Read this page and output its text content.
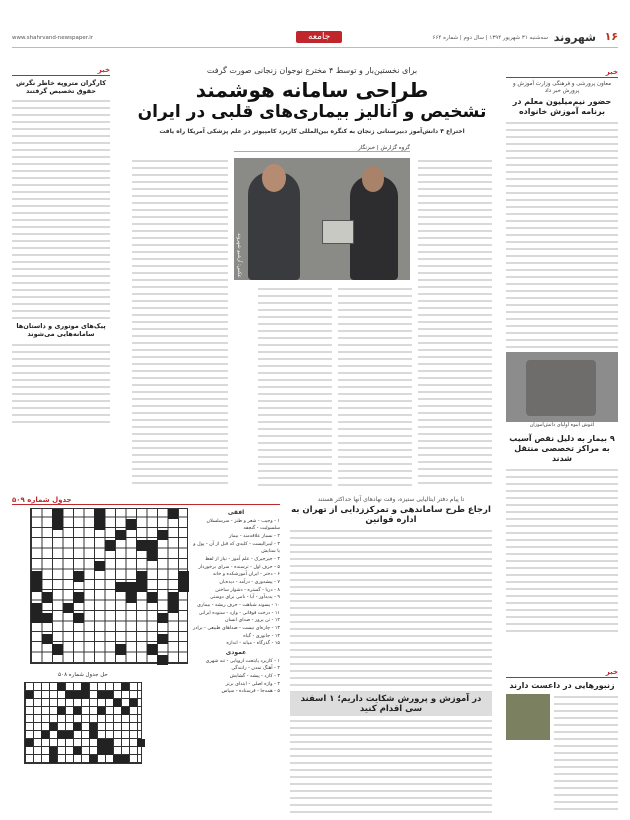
۱۶
شهروند
سه‌شنبه ۳۱ شهریور ۱۳۹۴ | سال دوم | شماره ۶۶۴
جامعه
www.shahrvand-newspaper.ir
خبر
معاون پرورشی و فرهنگی وزارت آموزش و پرورش خبر داد
حضور نیم‌میلیون معلم در برنامه آموزش خانواده
آغوش انبوه اولیای دانش‌آموزان
۹ بیمار به دلیل نقص آسیب به مراکز تخصصی منتقل شدند
خبر
زنبورهایی در داعست دارند
برای نخستین‌بار و توسط ۴ مخترع نوجوان زنجانی صورت گرفت
طراحی سامانه هوشمند
تشخیص و آنالیز بیماری‌های قلبی در ایران
اختراع ۴ دانش‌آموز دبیرستانی زنجان به کنگره بین‌المللی کاربرد کامپیوتر در علم پزشکی آمریکا راه یافت
گروه گزارش | خبرنگار
عکس: آرشیو شهروند
خبر
کارگران متروپه خاطر نگرش حقوق تخصیص گرفتند
پیک‌های موتوری و داستان‌ها سامانه‌هایی می‌شوند
تا پیام دفتر ایتالیایی ستیزه، وقت نهادهای آنها حداکثر هستند
ارجاع طرح ساماندهی و تمرکززدایی از تهران به اداره قوانین
در آموزش و پرورش شکایت داریم؛ ۱ اسفند سی اقدام کنید
جدول شماره ۵۰۹
افقی
۱ - وجیب - شعر و طنز - سرسلسلان سلسولیت - گنجفه
۲ - بسیار علاقه‌مند - بیمار
۳ - لیبرالیست - کلیدی که قبل از آن - پول و یا ستایش
۴ - جیرجیرک - علم آموز - نیاز از لفظ
۵ - حرف اول - ترسنده - سرای برخوردار
۶ - دختر - ایران آموزشکده و خانه
۷ - پیشه‌وری - درآمد - دیده‌بان
۸ - دریا - گستره - دشوار ساختن
۹ - پدیدآور - آیا - نامی برای دوستی
۱۰ - پسوند شباهت - حرف ریشه - بیماری
۱۱ - درخت فوقانی - وارد - ستوده ایرانی
۱۲ - تن پرور - صدای انسان
۱۳ - چاره‌ای نیست - صداهای طبیعی - برادر
۱۴ - جانوری - گیاه
۱۵ - گذرگاه - میانه - اندازه
عمودی
۱ - کاربرد پایتخت اروپایی - تنه شهری
۲ - آهنگ تمدن - رانندگی
۳ - کارد - پیشه - گشایش
۴ - واژه اصلی - ابتدای برتر
۵ - همه‌جا - فرستاده - سپاس
حل جدول شماره ۵۰۸
